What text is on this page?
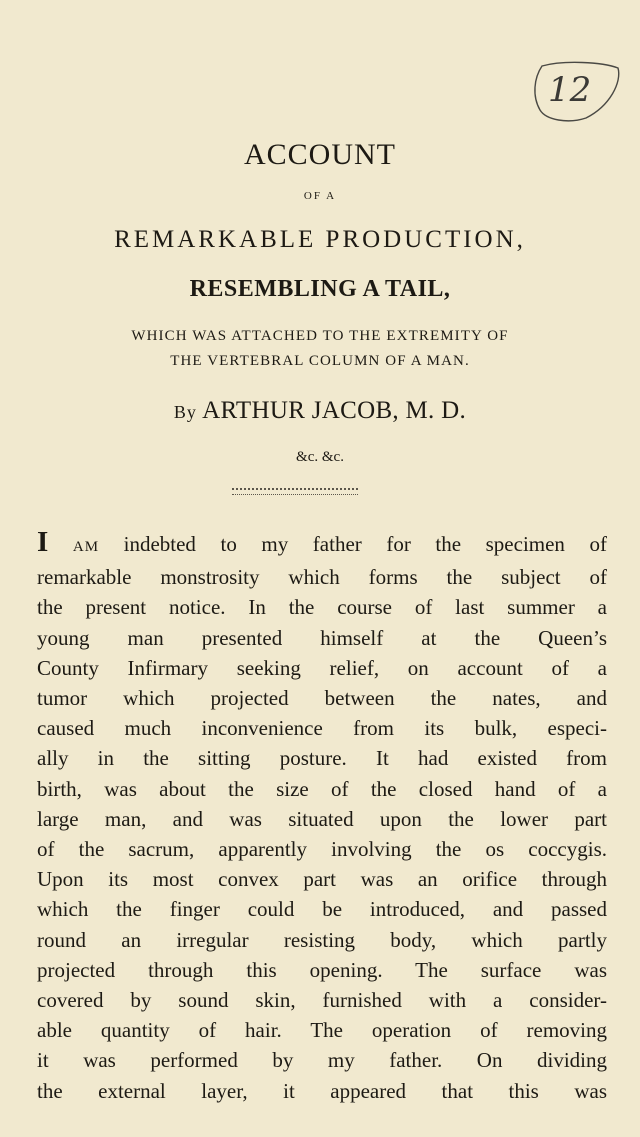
12
ACCOUNT
OF A
REMARKABLE PRODUCTION,
RESEMBLING A TAIL,
WHICH WAS ATTACHED TO THE EXTREMITY OF
THE VERTEBRAL COLUMN OF A MAN.
By ARTHUR JACOB, M. D.
&c. &c.
I AM indebted to my father for the specimen of
remarkable monstrosity which forms the subject of
the present notice. In the course of last summer a
young man presented himself at the Queen’s
County Infirmary seeking relief, on account of a
tumor which projected between the nates, and
caused much inconvenience from its bulk, especi-
ally in the sitting posture. It had existed from
birth, was about the size of the closed hand of a
large man, and was situated upon the lower part
of the sacrum, apparently involving the os coccygis.
Upon its most convex part was an orifice through
which the finger could be introduced, and passed
round an irregular resisting body, which partly
projected through this opening. The surface was
covered by sound skin, furnished with a consider-
able quantity of hair. The operation of removing
it was performed by my father. On dividing
the external layer, it appeared that this was
